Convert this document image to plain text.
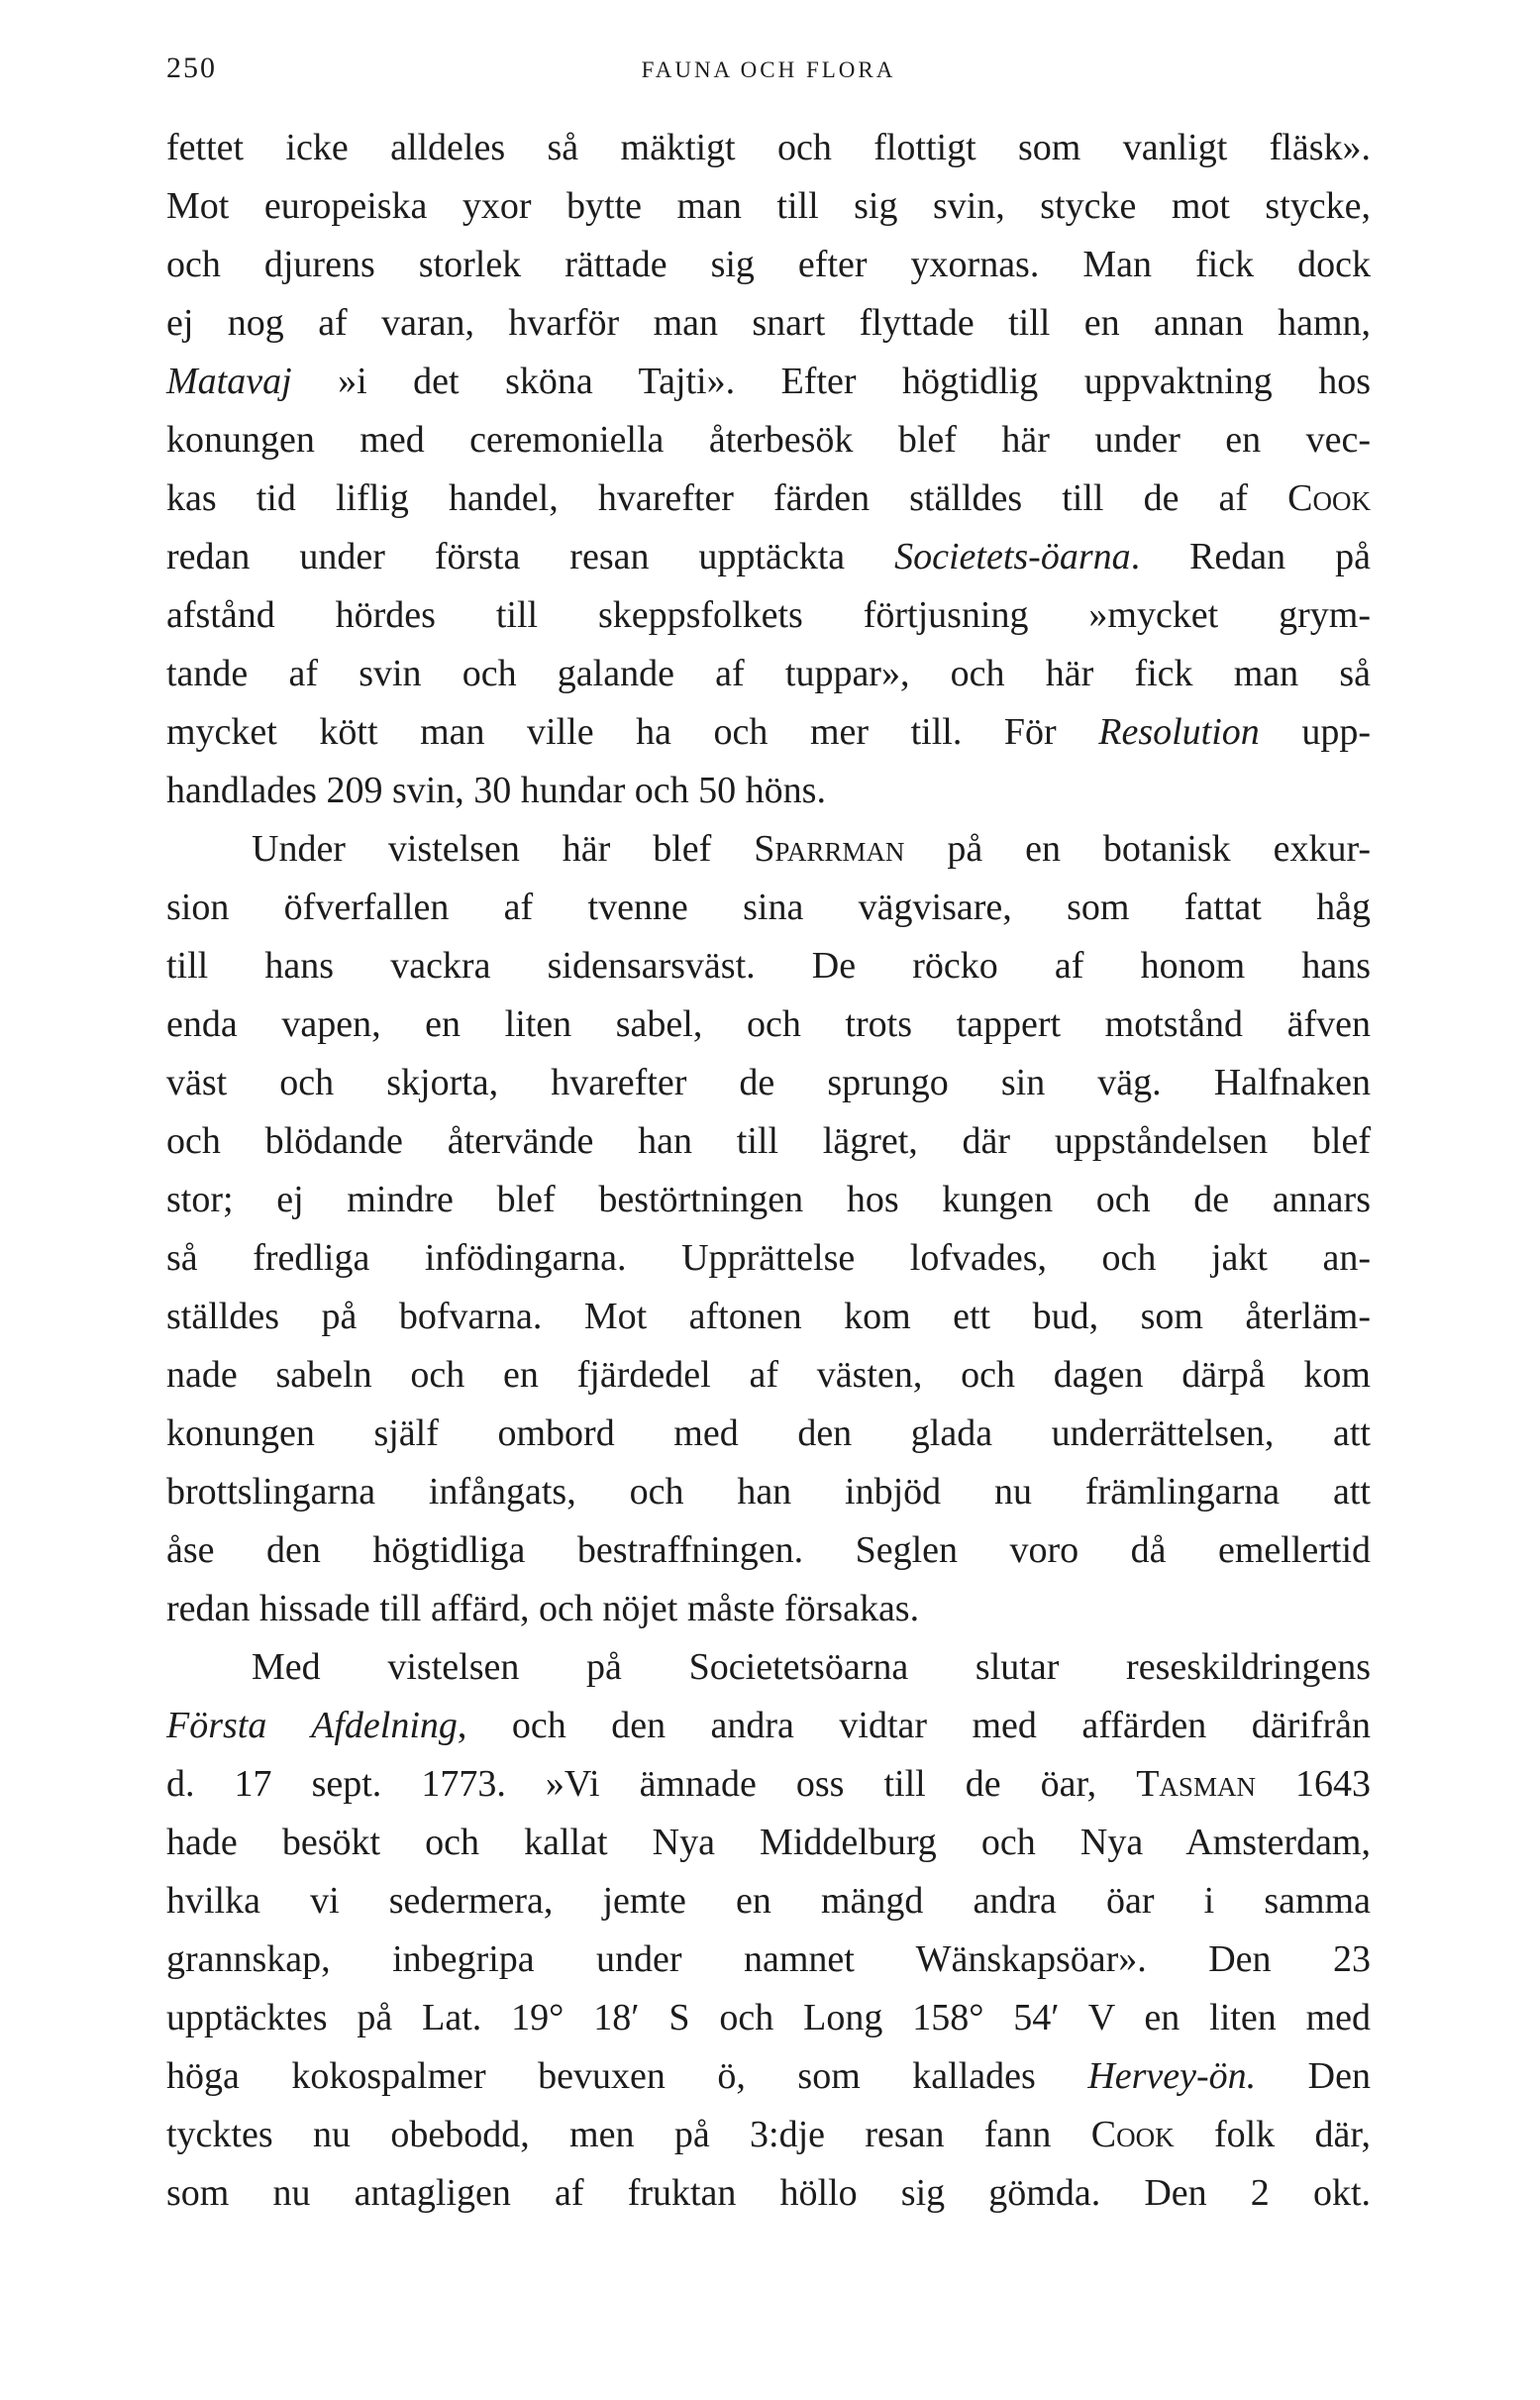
250	FAUNA OCH FLORA
fettet icke alldeles så mäktigt och flottigt som vanligt fläsk».
Mot europeiska yxor bytte man till sig svin, stycke mot stycke,
och djurens storlek rättade sig efter yxornas. Man fick dock
ej nog af varan, hvarför man snart flyttade till en annan hamn,
Matavaj »i det sköna Tajti». Efter högtidlig uppvaktning hos
konungen med ceremoniella återbesök blef här under en vec-
kas tid liflig handel, hvarefter färden ställdes till de af Cook
redan under första resan upptäckta Societets-öarna. Redan på
afstånd hördes till skeppsfolkets förtjusning »mycket grym-
tande af svin och galande af tuppar», och här fick man så
mycket kött man ville ha och mer till. För Resolution upp-
handlades 209 svin, 30 hundar och 50 höns.
Under vistelsen här blef Sparrman på en botanisk exkur-
sion öfverfallen af tvenne sina vägvisare, som fattat håg
till hans vackra sidensarsväst. De röcko af honom hans
enda vapen, en liten sabel, och trots tappert motstånd äfven
väst och skjorta, hvarefter de sprungo sin väg. Halfnaken
och blödande återvände han till lägret, där uppståndelsen blef
stor; ej mindre blef bestörtningen hos kungen och de annars
så fredliga infödingarna. Upprättelse lofvades, och jakt an-
ställdes på bofvarna. Mot aftonen kom ett bud, som återläm-
nade sabeln och en fjärdedel af västen, och dagen därpå kom
konungen själf ombord med den glada underrättelsen, att
brottslingarna infångats, och han inbjöd nu främlingarna att
åse den högtidliga bestraffningen. Seglen voro då emellertid
redan hissade till affärd, och nöjet måste försakas.
Med vistelsen på Societetsöarna slutar reseskildringens
Första Afdelning, och den andra vidtar med affärden därifrån
d. 17 sept. 1773. »Vi ämnade oss till de öar, Tasman 1643
hade besökt och kallat Nya Middelburg och Nya Amsterdam,
hvilka vi sedermera, jemte en mängd andra öar i samma
grannskap, inbegripa under namnet Wänskapsöar». Den 23
upptäcktes på Lat. 19° 18′ S och Long 158° 54′ V en liten med
höga kokospalmer bevuxen ö, som kallades Hervey-ön. Den
tycktes nu obebodd, men på 3:dje resan fann Cook folk där,
som nu antagligen af fruktan höllo sig gömda. Den 2 okt.
